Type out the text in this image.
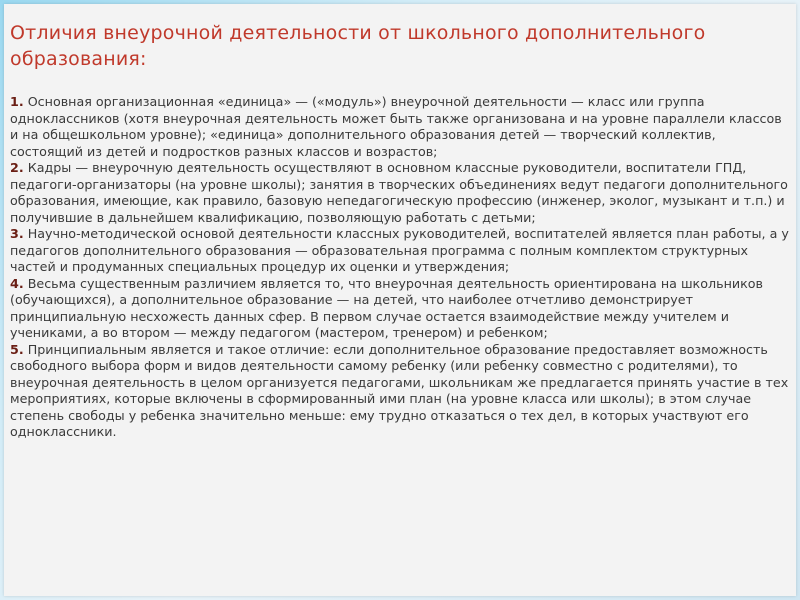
Отличия внеурочной деятельности от школьного дополнительного
образования:

1. Основная организационная «единица» — («модуль») внеурочной деятельности — класс или группа одноклассников (хотя внеурочная деятельность может быть также организована и на уровне параллели классов и на общешкольном уровне); «единица» дополнительного образования детей — творческий коллектив, состоящий из детей и подростков разных классов и возрастов;

2. Кадры — внеурочную деятельность осуществляют в основном классные руководители, воспитатели ГПД, педагоги-организаторы (на уровне школы); занятия в творческих объединениях ведут педагоги дополнительного образования, имеющие, как правило, базовую непедагогическую профессию (инженер, эколог, музыкант и т.п.) и получившие в дальнейшем квалификацию, позволяющую работать с детьми;

3. Научно-методической основой деятельности классных руководителей, воспитателей является план работы, а у педагогов дополнительного образования — образовательная программа с полным комплектом структурных частей и продуманных специальных процедур их оценки и утверждения;

4. Весьма существенным различием является то, что внеурочная деятельность ориентирована на школьников (обучающихся), а дополнительное образование — на детей, что наиболее отчетливо демонстрирует принципиальную несхожесть данных сфер. В первом случае остается взаимодействие между учителем и учениками, а во втором — между педагогом (мастером, тренером) и ребенком;

5. Принципиальным является и такое отличие: если дополнительное образование предоставляет возможность свободного выбора форм и видов деятельности самому ребенку (или ребенку совместно с родителями), то внеурочная деятельность в целом организуется педагогами, школьникам же предлагается принять участие в тех мероприятиях, которые включены в сформированный ими план (на уровне класса или школы); в этом случае степень свободы у ребенка значительно меньше: ему трудно отказаться о тех дел, в которых участвуют его одноклассники.
